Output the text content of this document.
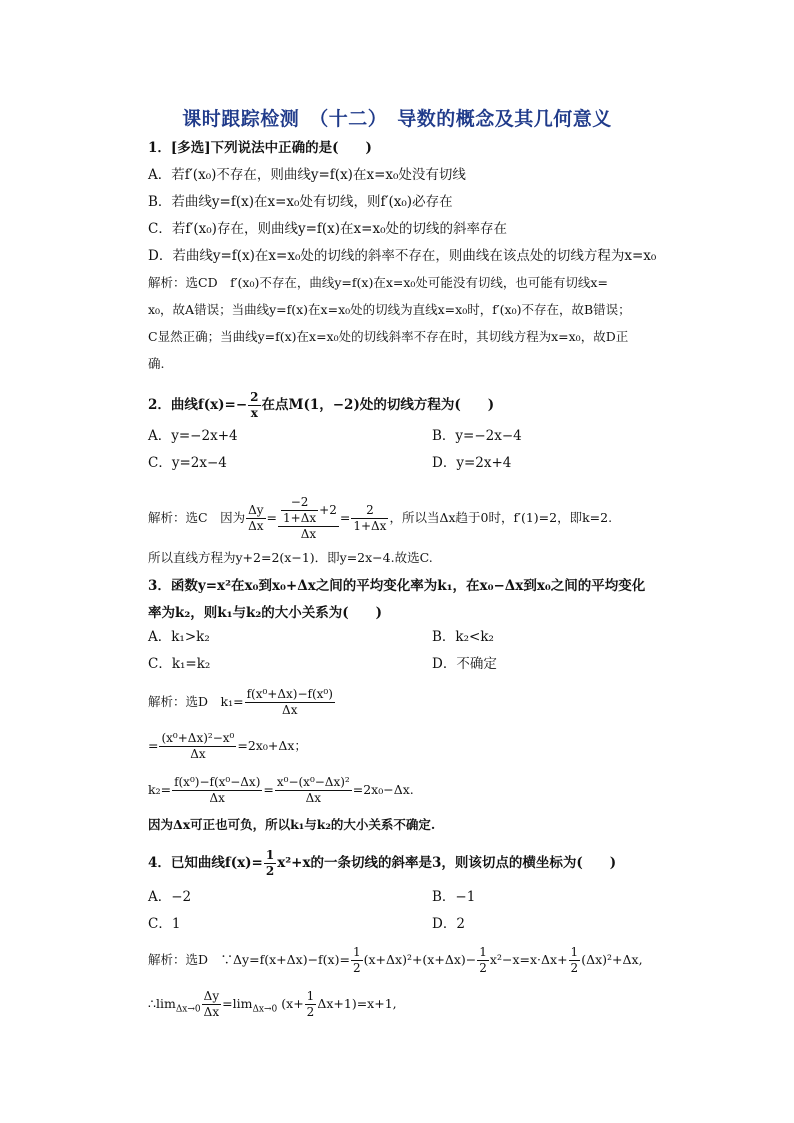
课时跟踪检测　（十二）　导数的概念及其几何意义
1．[多选]下列说法中正确的是(　　)
A．若f′(x₀)不存在，则曲线y=f(x)在x=x₀处没有切线
B．若曲线y=f(x)在x=x₀处有切线，则f′(x₀)必存在
C．若f′(x₀)存在，则曲线y=f(x)在x=x₀处的切线的斜率存在
D．若曲线y=f(x)在x=x₀处的切线的斜率不存在，则曲线在该点处的切线方程为x=x₀
解析：选CD　f′(x₀)不存在，曲线y=f(x)在x=x₀处可能没有切线，也可能有切线x=
x₀，故A错误；当曲线y=f(x)在x=x₀处的切线为直线x=x₀时，f′(x₀)不存在，故B错误；
C显然正确；当曲线y=f(x)在x=x₀处的切线斜率不存在时，其切线方程为x=x₀，故D正
确.
2．曲线$f(x)=- \frac{2}{x}$ 在点M(1，−2)处的切线方程为(　　)
A．y=−2x+4	B．y=−2x−4
C．y=2x−4	D．y=2x+4
解析：选C　因为 $\frac{\Delta y}{\Delta x} = \frac{\frac{-2}{1+\Delta x} +2}{\Delta x} = \frac{2}{1+\Delta x}$ ，所以当Δx趋于0时，f′(1)=2，即k=2.
所以直线方程为y+2=2(x−1)．即y=2x−4.故选C.
3．函数y=x²在x₀到x₀+Δx之间的平均变化率为k₁，在x₀−Δx到x₀之间的平均变化
率为k₂，则k₁与k₂的大小关系为(　　)
A．k₁>k₂	B．k₂<k₂
C．k₁=k₂	D．不确定
解析：选D　$k_1= \frac{\text{f(x⁰+Δx)−f(x⁰)}}{\Delta x}$
= $\frac{\text{(x⁰+Δx)²−x⁰}}{\Delta x} =2x_0+\Delta x$；
$k_2= \frac{\text{f(x⁰)−f(x⁰−Δx)}}{\Delta x} = \frac{\text{x⁰−(x⁰−Δx)²}}{\Delta x} =2x_0-\Delta x$.
因为Δx可正也可负，所以k₁与k₂的大小关系不确定.
4．已知曲线$f(x)= \frac{1}{2} x^2+x$的一条切线的斜率是3，则该切点的横坐标为(　　)
A．−2	B．−1
C．1	D．2
解析：选D　∵Δy=f(x+Δx)−f(x)= $\frac{1}{2} (x+\Delta x)^2+(x+\Delta x)- \frac{1}{2} x^2-x=x\cdot\Delta x+ \frac{1}{2} (\Delta x)^2+\Delta x$,
$\therefore\lim_{\Delta x\to 0} \frac{\Delta y}{\Delta x} =\lim_{\Delta x\to 0}$ $(x+ \frac{1}{2} \Delta x+1)=x+1$,
